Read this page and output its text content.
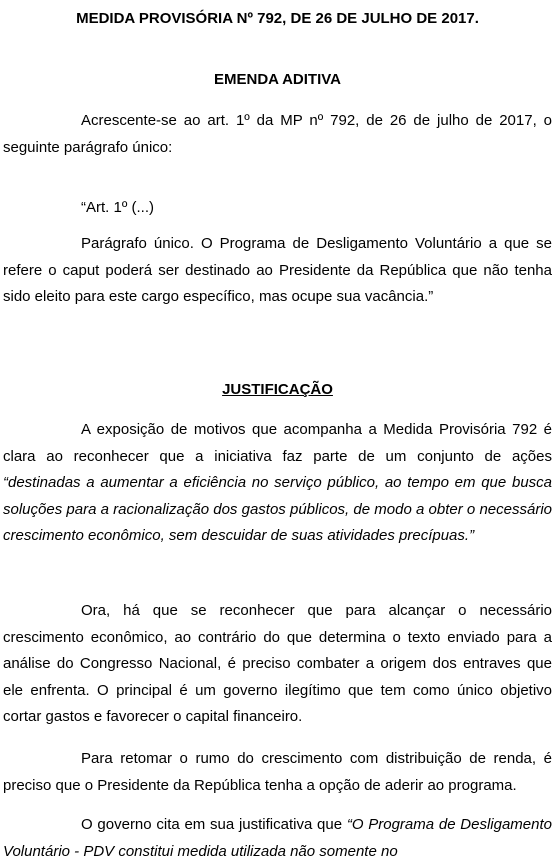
MEDIDA PROVISÓRIA Nº 792, DE 26 DE JULHO DE 2017.
EMENDA ADITIVA
Acrescente-se ao art. 1º da MP nº 792, de 26 de julho de 2017, o seguinte parágrafo único:
“Art. 1º (...)
Parágrafo único. O Programa de Desligamento Voluntário a que se refere o caput poderá ser destinado ao Presidente da República que não tenha sido eleito para este cargo específico, mas ocupe sua vacância.”
JUSTIFICAÇÃO
A exposição de motivos que acompanha a Medida Provisória 792 é clara ao reconhecer que a iniciativa faz parte de um conjunto de ações “destinadas a aumentar a eficiência no serviço público, ao tempo em que busca soluções para a racionalização dos gastos públicos, de modo a obter o necessário crescimento econômico, sem descuidar de suas atividades precípuas.”
Ora, há que se reconhecer que para alcançar o necessário crescimento econômico, ao contrário do que determina o texto enviado para a análise do Congresso Nacional, é preciso combater a origem dos entraves que ele enfrenta. O principal é um governo ilegítimo que tem como único objetivo cortar gastos e favorecer o capital financeiro.
Para retomar o rumo do crescimento com distribuição de renda, é preciso que o Presidente da República tenha a opção de aderir ao programa.
O governo cita em sua justificativa que “O Programa de Desligamento Voluntário - PDV constitui medida utilizada não somente no
